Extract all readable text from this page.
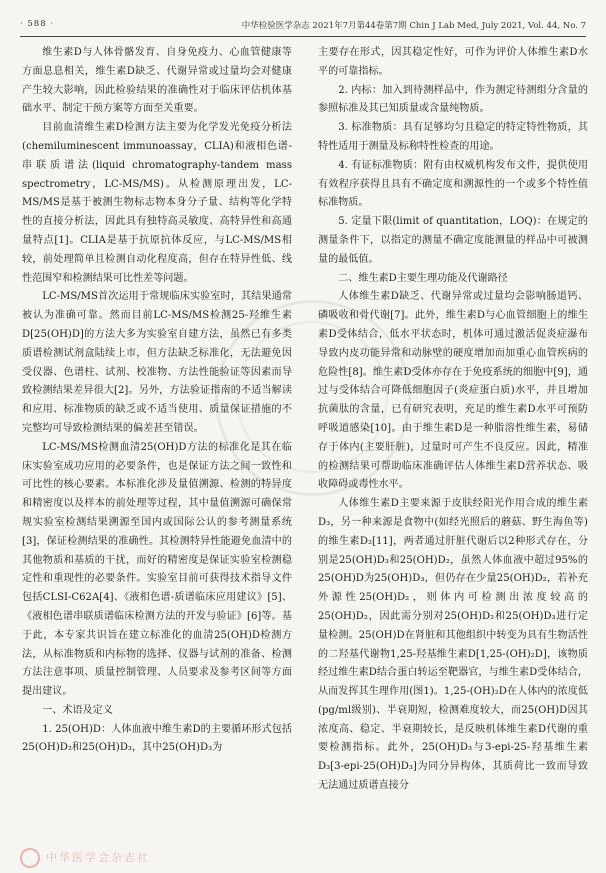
· 588 ·	中华检验医学杂志 2021年7月第44卷第7期 Chin J Lab Med, July 2021, Vol. 44, No. 7

维生素D与人体骨骼发育、自身免疫力、心血管健康等方面息息相关，维生素D缺乏、代谢异常或过量均会对健康产生较大影响，因此检验结果的准确性对于临床评估机体基础水平、制定干预方案等方面至关重要。

目前血清维生素D检测方法主要为化学发光免疫分析法(chemiluminescent immunoassay，CLIA)和液相色谱-串联质谱法(liquid chromatography-tandem mass spectrometry，LC-MS/MS)。从检测原理出发，LC-MS/MS是基于被测生物标志物本身分子量、结构等化学特性的直接分析法，因此具有独特高灵敏度、高特异性和高通量特点[1]。CLIA是基于抗原抗体反应，与LC-MS/MS相较，前处理简单且检测自动化程度高，但存在特异性低、线性范围窄和检测结果可比性差等问题。

LC-MS/MS首次运用于常规临床实验室时，其结果通常被认为准确可靠。然而目前LC-MS/MS检测25-羟维生素D[25(OH)D]的方法大多为实验室自建方法，虽然已有多类质谱检测试剂盒陆续上市，但方法缺乏标准化，无法避免因受仪器、色谱柱、试剂、校准物、方法性能验证等因素而导致检测结果差异很大[2]。另外，方法验证指南的不适当解读和应用、标准物质的缺乏或不适当使用、质量保证措施的不完整均可导致检测结果的偏差甚至错误。

LC-MS/MS检测血清25(OH)D方法的标准化是其在临床实验室成功应用的必要条件，也是保证方法之间一致性和可比性的核心要素。本标准化涉及量值溯源、检测的特异度和精密度以及样本的前处理等过程，其中量值溯源可确保常规实验室检测结果溯源至国内或国际公认的参考测量系统[3]，保证检测结果的准确性。其检测特异性能避免血清中的其他物质和基质的干扰，而好的精密度是保证实验室检测稳定性和重现性的必要条件。实验室目前可获得技术指导文件包括CLSI-C62A[4]、《液相色谱-质谱临床应用建议》[5]、《液相色谱串联质谱临床检测方法的开发与验证》[6]等。基于此，本专家共识旨在建立标准化的血清25(OH)D检测方法，从标准物质和内标物的选择、仪器与试剂的准备、检测方法注意事项、质量控制管理、人员要求及参考区间等方面提出建议。

一、术语及定义

1. 25(OH)D：人体血液中维生素D的主要循环形式包括25(OH)D₂和25(OH)D₃，其中25(OH)D₃为

主要存在形式，因其稳定性好，可作为评价人体维生素D水平的可靠指标。

2. 内标：加入到待测样品中，作为测定待测组分含量的参照标准及其已知质量或含量纯物质。

3. 标准物质：具有足够均匀且稳定的特定特性物质，其特性适用于测量及标称特性检查的用途。

4. 有证标准物质：附有由权威机构发布文件，提供使用有效程序获得且具有不确定度和溯源性的一个或多个特性值标准物质。

5. 定量下限(limit of quantitation，LOQ)：在规定的测量条件下，以指定的测量不确定度能测量的样品中可被测量的最低值。

二、维生素D主要生理功能及代谢路径

人体维生素D缺乏、代谢异常或过量均会影响肠道钙、磷吸收和骨代谢[7]。此外，维生素D与心血管细胞上的维生素D受体结合，低水平状态时，机体可通过激活促炎症瀑布导致内皮功能异常和动脉壁的硬度增加而加重心血管疾病的危险性[8]。维生素D受体亦存在于免疫系统的细胞中[9]，通过与受体结合可降低细胞因子(炎症蛋白质)水平，并且增加抗菌肽的含量，已有研究表明，充足的维生素D水平可预防呼吸道感染[10]。由于维生素D是一种脂溶性维生素，易储存于体内(主要肝脏)，过量时可产生不良反应。因此，精准的检测结果可帮助临床准确评估人体维生素D营养状态、吸收障碍或毒性水平。

人体维生素D主要来源于皮肤经阳光作用合成的维生素D₃，另一种来源是食物中(如经光照后的蘑菇、野生海鱼等)的维生素D₂[11]，两者通过肝脏代谢后以2种形式存在，分别是25(OH)D₃和25(OH)D₂，虽然人体血液中超过95%的25(OH)D为25(OH)D₃，但仍存在少量25(OH)D₂，若补充外源性25(OH)D₂，则体内可检测出浓度较高的25(OH)D₂，因此需分别对25(OH)D₂和25(OH)D₃进行定量检测。25(OH)D在肾脏和其他组织中转变为具有生物活性的二羟基代谢物1,25-羟基维生素D[1,25-(OH)₂D]，该物质经过维生素D结合蛋白转运至靶器官，与维生素D受体结合，从而发挥其生理作用(图1)。1,25-(OH)₂D在人体内的浓度低(pg/ml级别)、半衰期短，检测难度较大，而25(OH)D因其浓度高、稳定、半衰期较长，是反映机体维生素D代谢的重要检测指标。此外，25(OH)D₃与3-epi-25-羟基维生素D₃[3-epi-25(OH)D₃]为同分异构体，其质荷比一致而导致无法通过质谱直接分

中华医学会杂志社
